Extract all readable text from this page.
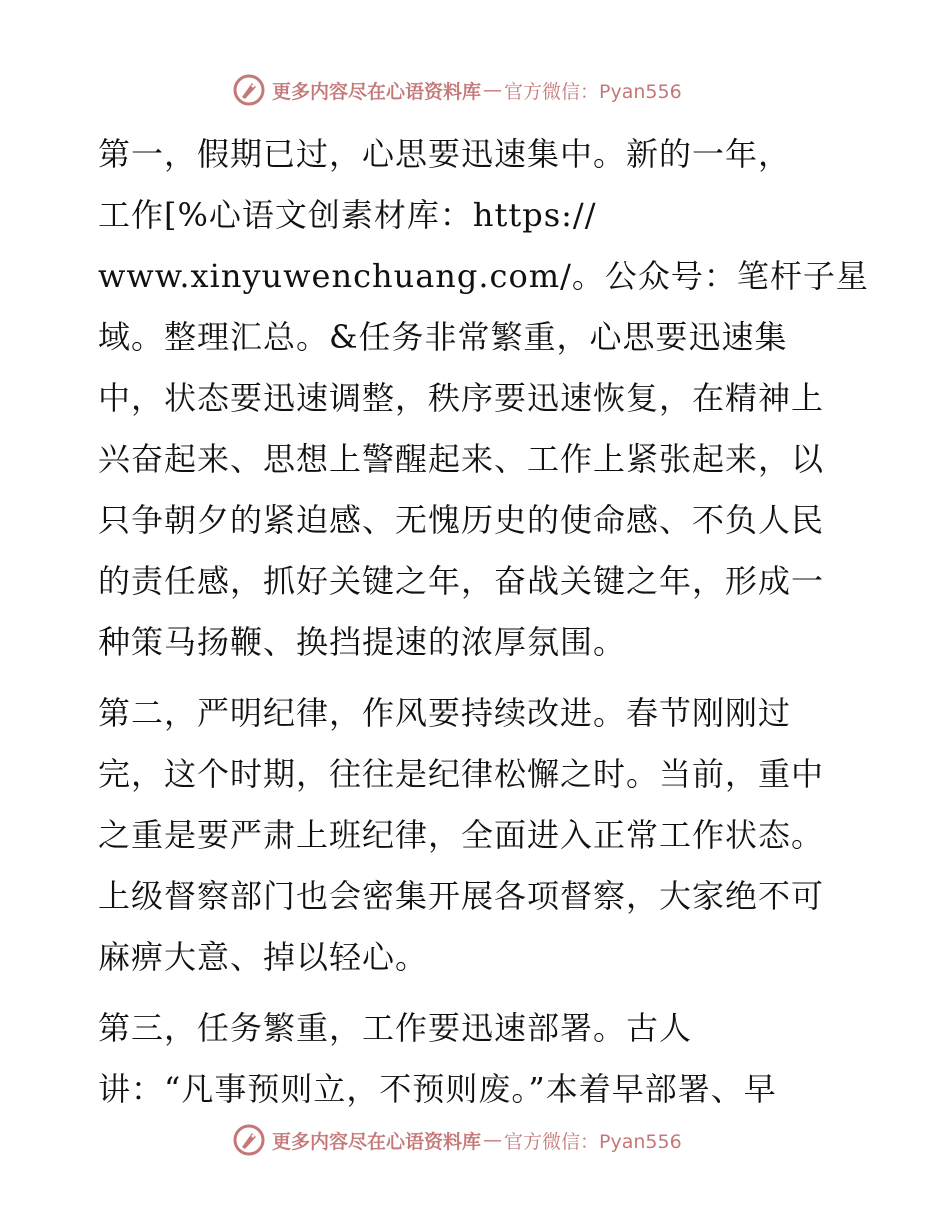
更多内容尽在心语资料库 — 官方微信：Pyan556
第一，假期已过，心思要迅速集中。新的一年，
工作[%心语文创素材库：https://
www.xinyuwenchuang.com/。公众号：笔杆子星
域。整理汇总。&任务非常繁重，心思要迅速集
中，状态要迅速调整，秩序要迅速恢复，在精神上
兴奋起来、思想上警醒起来、工作上紧张起来，以
只争朝夕的紧迫感、无愧历史的使命感、不负人民
的责任感，抓好关键之年，奋战关键之年，形成一
种策马扬鞭、换挡提速的浓厚氛围。
第二，严明纪律，作风要持续改进。春节刚刚过
完，这个时期，往往是纪律松懈之时。当前，重中
之重是要严肃上班纪律，全面进入正常工作状态。
上级督察部门也会密集开展各项督察，大家绝不可
麻痹大意、掉以轻心。
第三，任务繁重，工作要迅速部署。古人
讲：“凡事预则立，不预则废。”本着早部署、早
更多内容尽在心语资料库 — 官方微信：Pyan556
